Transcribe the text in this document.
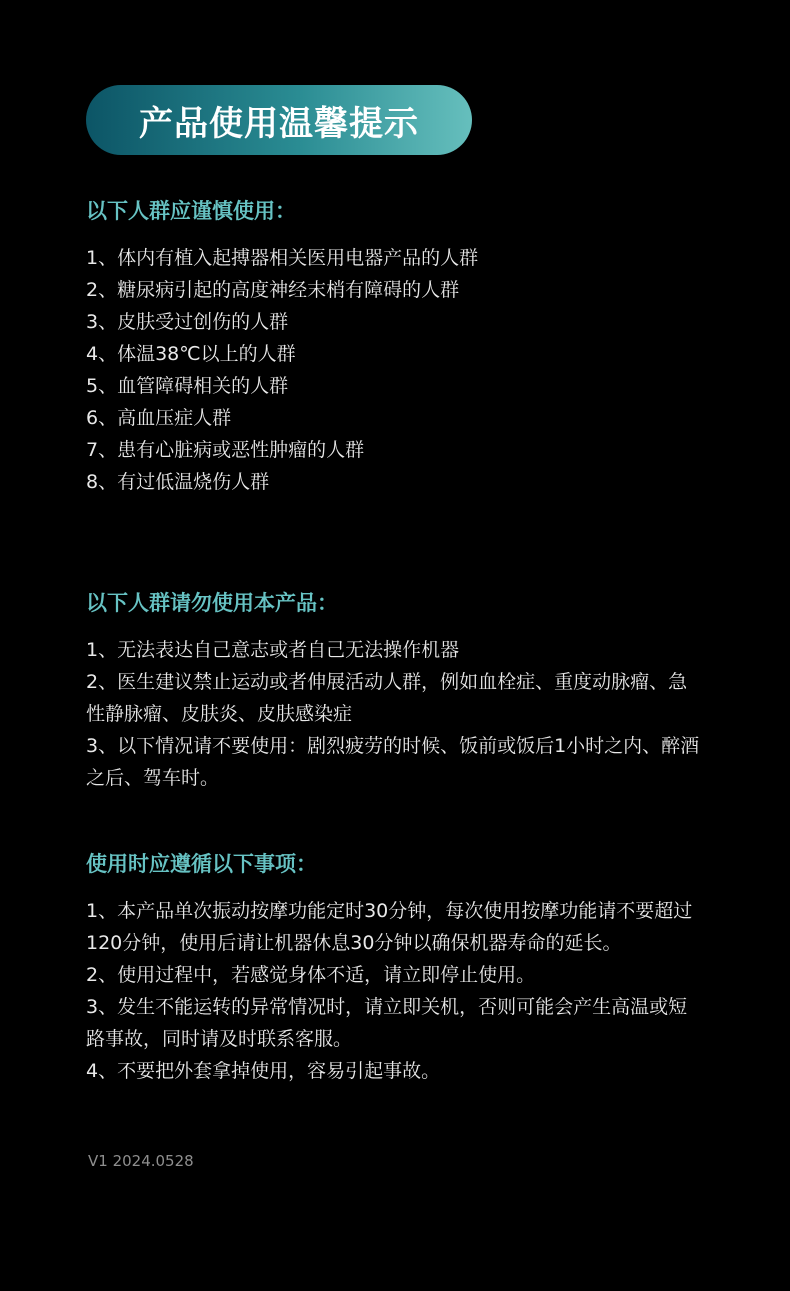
产品使用温馨提示
以下人群应谨慎使用：
1、体内有植入起搏器相关医用电器产品的人群
2、糖尿病引起的高度神经末梢有障碍的人群
3、皮肤受过创伤的人群
4、体温38℃以上的人群
5、血管障碍相关的人群
6、高血压症人群
7、患有心脏病或恶性肿瘤的人群
8、有过低温烧伤人群
以下人群请勿使用本产品：
1、无法表达自己意志或者自己无法操作机器
2、医生建议禁止运动或者伸展活动人群，例如血栓症、重度动脉瘤、急性静脉瘤、皮肤炎、皮肤感染症
3、以下情况请不要使用：剧烈疲劳的时候、饭前或饭后1小时之内、醉酒之后、驾车时。
使用时应遵循以下事项：
1、本产品单次振动按摩功能定时30分钟，每次使用按摩功能请不要超过120分钟，使用后请让机器休息30分钟以确保机器寿命的延长。
2、使用过程中，若感觉身体不适，请立即停止使用。
3、发生不能运转的异常情况时，请立即关机，否则可能会产生高温或短路事故，同时请及时联系客服。
4、不要把外套拿掉使用，容易引起事故。
V1 2024.0528
